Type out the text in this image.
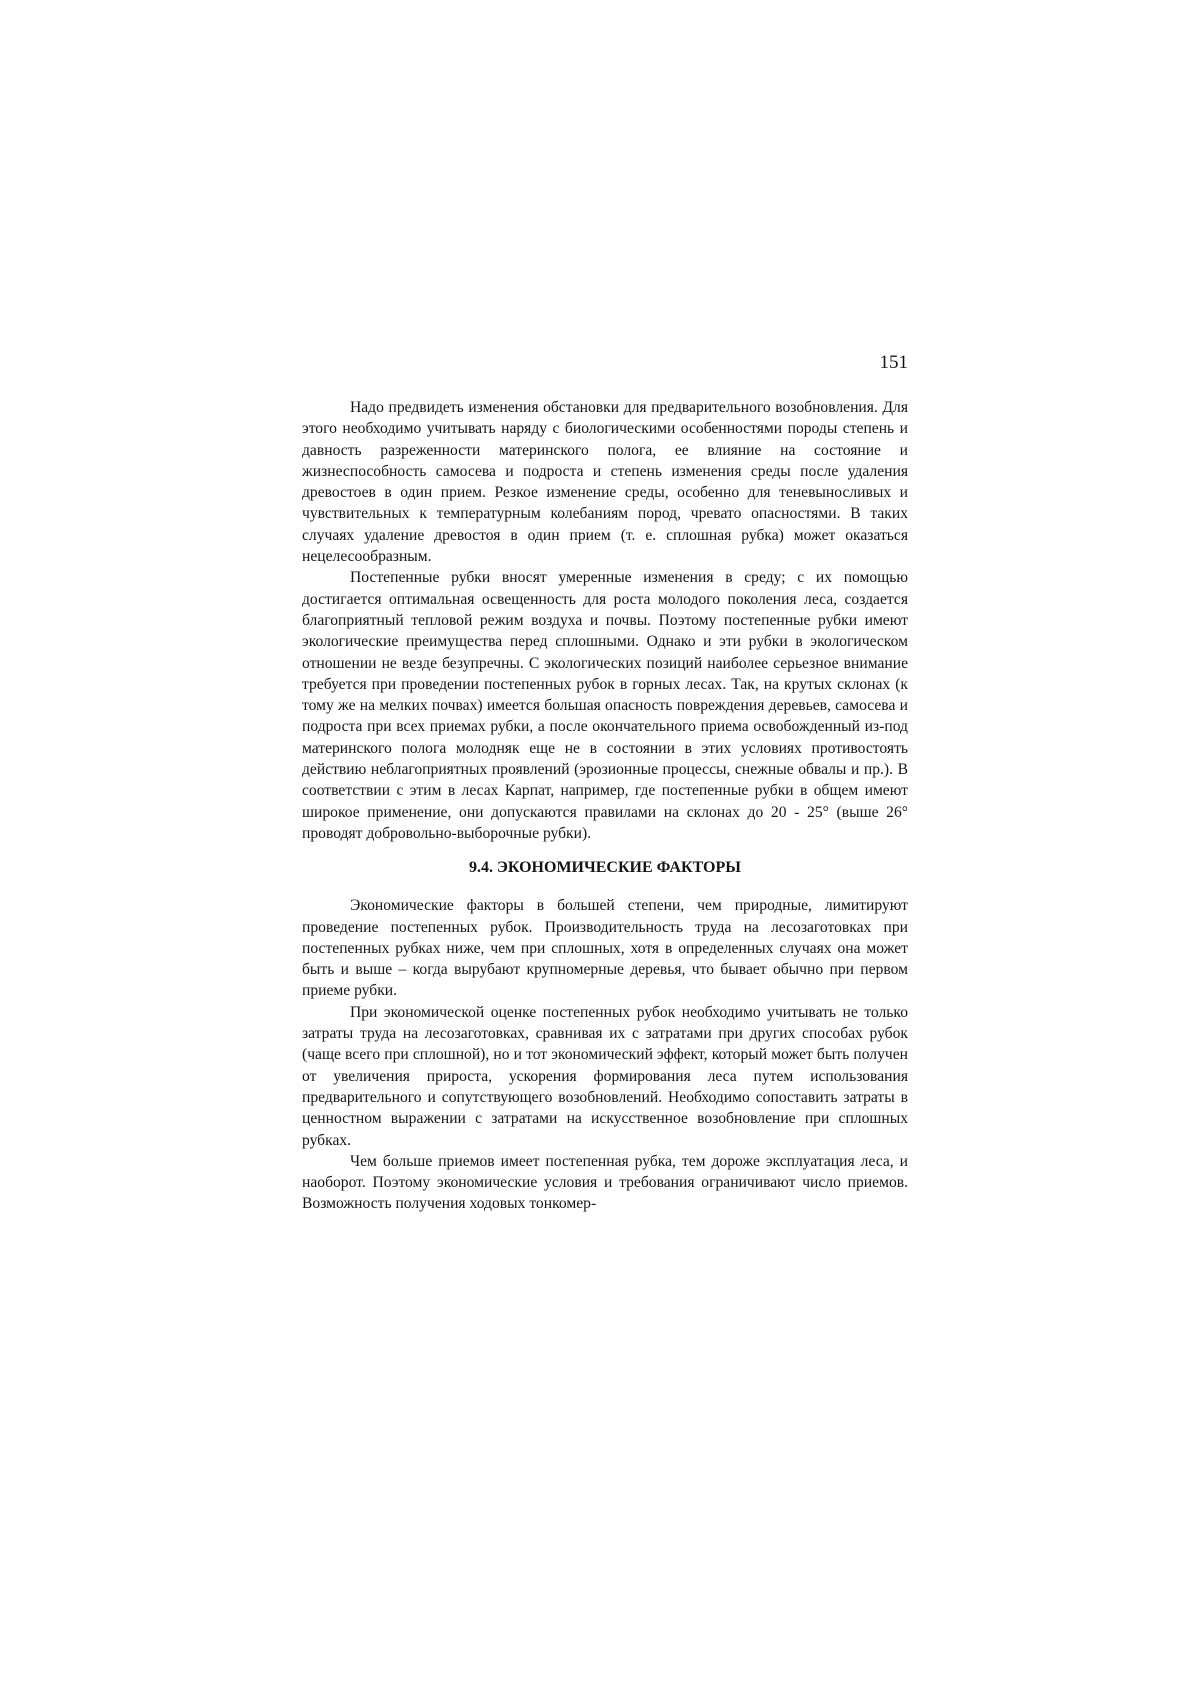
151

Надо предвидеть изменения обстановки для предварительного возобновления. Для этого необходимо учитывать наряду с биологическими особенностями породы степень и давность разреженности материнского полога, ее влияние на состояние и жизнеспособность самосева и подроста и степень изменения среды после удаления древостоев в один прием. Резкое изменение среды, особенно для теневыносливых и чувствительных к температурным колебаниям пород, чревато опасностями. В таких случаях удаление древостоя в один прием (т. е. сплошная рубка) может оказаться нецелесообразным.

Постепенные рубки вносят умеренные изменения в среду; с их помощью достигается оптимальная освещенность для роста молодого поколения леса, создается благоприятный тепловой режим воздуха и почвы. Поэтому постепенные рубки имеют экологические преимущества перед сплошными. Однако и эти рубки в экологическом отношении не везде безупречны. С экологических позиций наиболее серьезное внимание требуется при проведении постепенных рубок в горных лесах. Так, на крутых склонах (к тому же на мелких почвах) имеется большая опасность повреждения деревьев, самосева и подроста при всех приемах рубки, а после окончательного приема освобожденный из-под материнского полога молодняк еще не в состоянии в этих условиях противостоять действию неблагоприятных проявлений (эрозионные процессы, снежные обвалы и пр.). В соответствии с этим в лесах Карпат, например, где постепенные рубки в общем имеют широкое применение, они допускаются правилами на склонах до 20 - 25° (выше 26° проводят добровольно-выборочные рубки).

9.4. ЭКОНОМИЧЕСКИЕ ФАКТОРЫ

Экономические факторы в большей степени, чем природные, лимитируют проведение постепенных рубок. Производительность труда на лесозаготовках при постепенных рубках ниже, чем при сплошных, хотя в определенных случаях она может быть и выше – когда вырубают крупномерные деревья, что бывает обычно при первом приеме рубки.

При экономической оценке постепенных рубок необходимо учитывать не только затраты труда на лесозаготовках, сравнивая их с затратами при других способах рубок (чаще всего при сплошной), но и тот экономический эффект, который может быть получен от увеличения прироста, ускорения формирования леса путем использования предварительного и сопутствующего возобновлений. Необходимо сопоставить затраты в ценностном выражении с затратами на искусственное возобновление при сплошных рубках.

Чем больше приемов имеет постепенная рубка, тем дороже эксплуатация леса, и наоборот. Поэтому экономические условия и требования ограничивают число приемов. Возможность получения ходовых тонкомер-
